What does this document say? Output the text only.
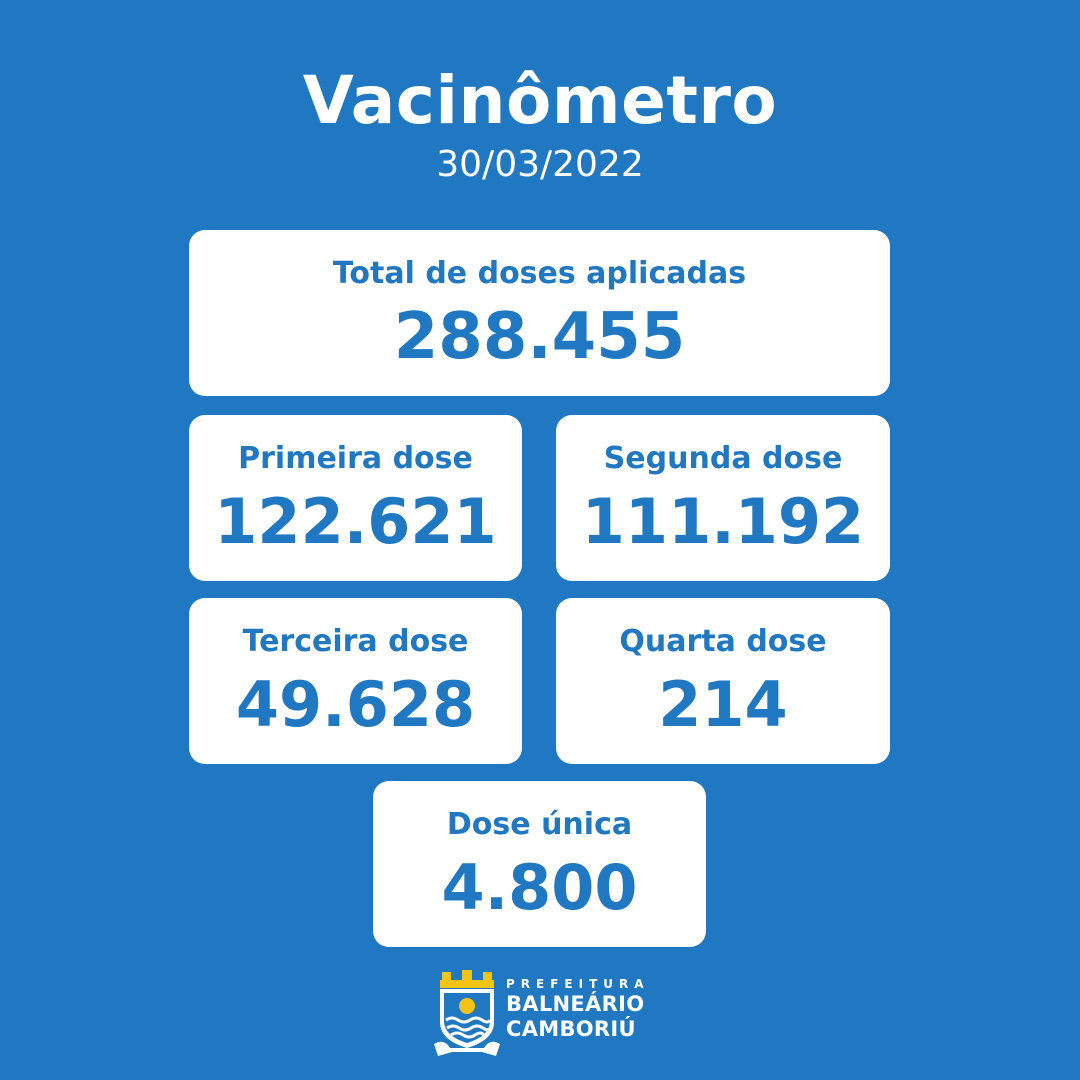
Vacinômetro
30/03/2022
Total de doses aplicadas
288.455
Primeira dose
122.621
Segunda dose
111.192
Terceira dose
49.628
Quarta dose
214
Dose única
4.800
PREFEITURA
BALNEÁRIO
CAMBORIÚ
